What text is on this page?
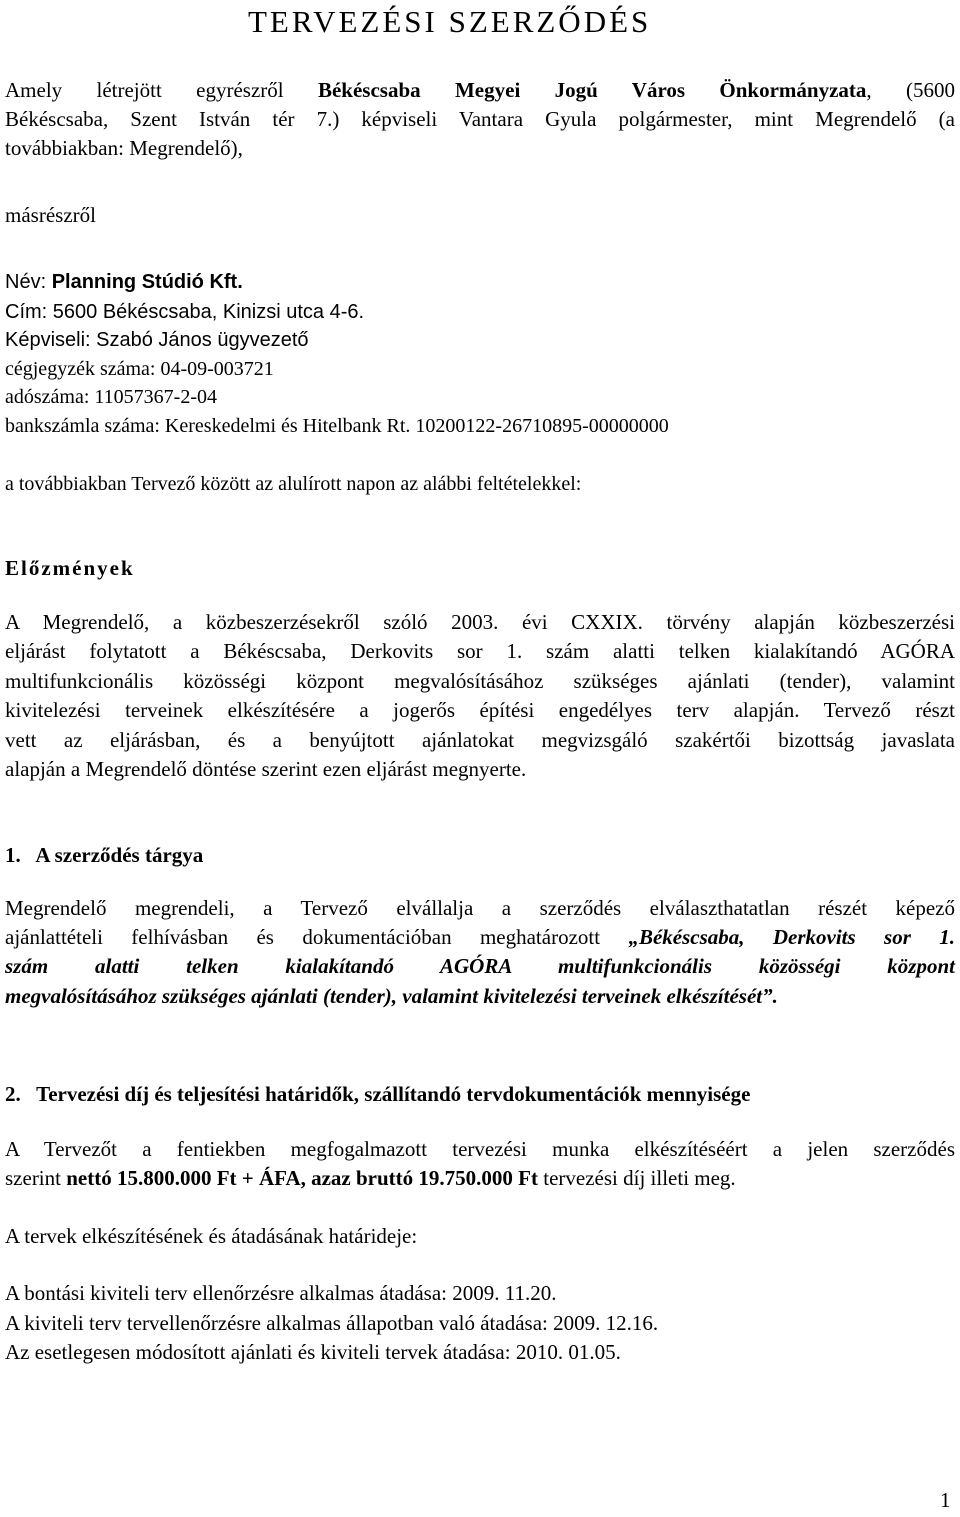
TERVEZÉSI SZERZŐDÉS
Amely létrejött egyrészről Békéscsaba Megyei Jogú Város Önkormányzata, (5600
Békéscsaba, Szent István tér 7.) képviseli Vantara Gyula polgármester, mint Megrendelő (a
továbbiakban: Megrendelő),
másrészről
Név: Planning Stúdió Kft.
Cím: 5600 Békéscsaba, Kinizsi utca 4-6.
Képviseli: Szabó János ügyvezető
cégjegyzék száma: 04-09-003721
adószáma: 11057367-2-04
bankszámla száma: Kereskedelmi és Hitelbank Rt. 10200122-26710895-00000000
a továbbiakban Tervező között az alulírott napon az alábbi feltételekkel:
Előzmények
A Megrendelő, a közbeszerzésekről szóló 2003. évi CXXIX. törvény alapján közbeszerzési
eljárást folytatott a Békéscsaba, Derkovits sor 1. szám alatti telken kialakítandó AGÓRA
multifunkcionális közösségi központ megvalósításához szükséges ajánlati (tender), valamint
kivitelezési terveinek elkészítésére a jogerős építési engedélyes terv alapján. Tervező részt
vett az eljárásban, és a benyújtott ajánlatokat megvizsgáló szakértői bizottság javaslata
alapján a Megrendelő döntése szerint ezen eljárást megnyerte.
1.   A szerződés tárgya
Megrendelő megrendeli, a Tervező elvállalja a szerződés elválaszthatatlan részét képező
ajánlattételi felhívásban és dokumentációban meghatározott „Békéscsaba, Derkovits sor 1.
szám alatti telken kialakítandó AGÓRA multifunkcionális közösségi központ
megvalósításához szükséges ajánlati (tender), valamint kivitelezési terveinek elkészítését”.
2.   Tervezési díj és teljesítési határidők, szállítandó tervdokumentációk mennyisége
A Tervezőt a fentiekben megfogalmazott tervezési munka elkészítéséért a jelen szerződés
szerint nettó 15.800.000 Ft + ÁFA, azaz bruttó 19.750.000 Ft tervezési díj illeti meg.
A tervek elkészítésének és átadásának határideje:
A bontási kiviteli terv ellenőrzésre alkalmas átadása: 2009. 11.20.
A kiviteli terv tervellenőrzésre alkalmas állapotban való átadása: 2009. 12.16.
Az esetlegesen módosított ajánlati és kiviteli tervek átadása: 2010. 01.05.
1
